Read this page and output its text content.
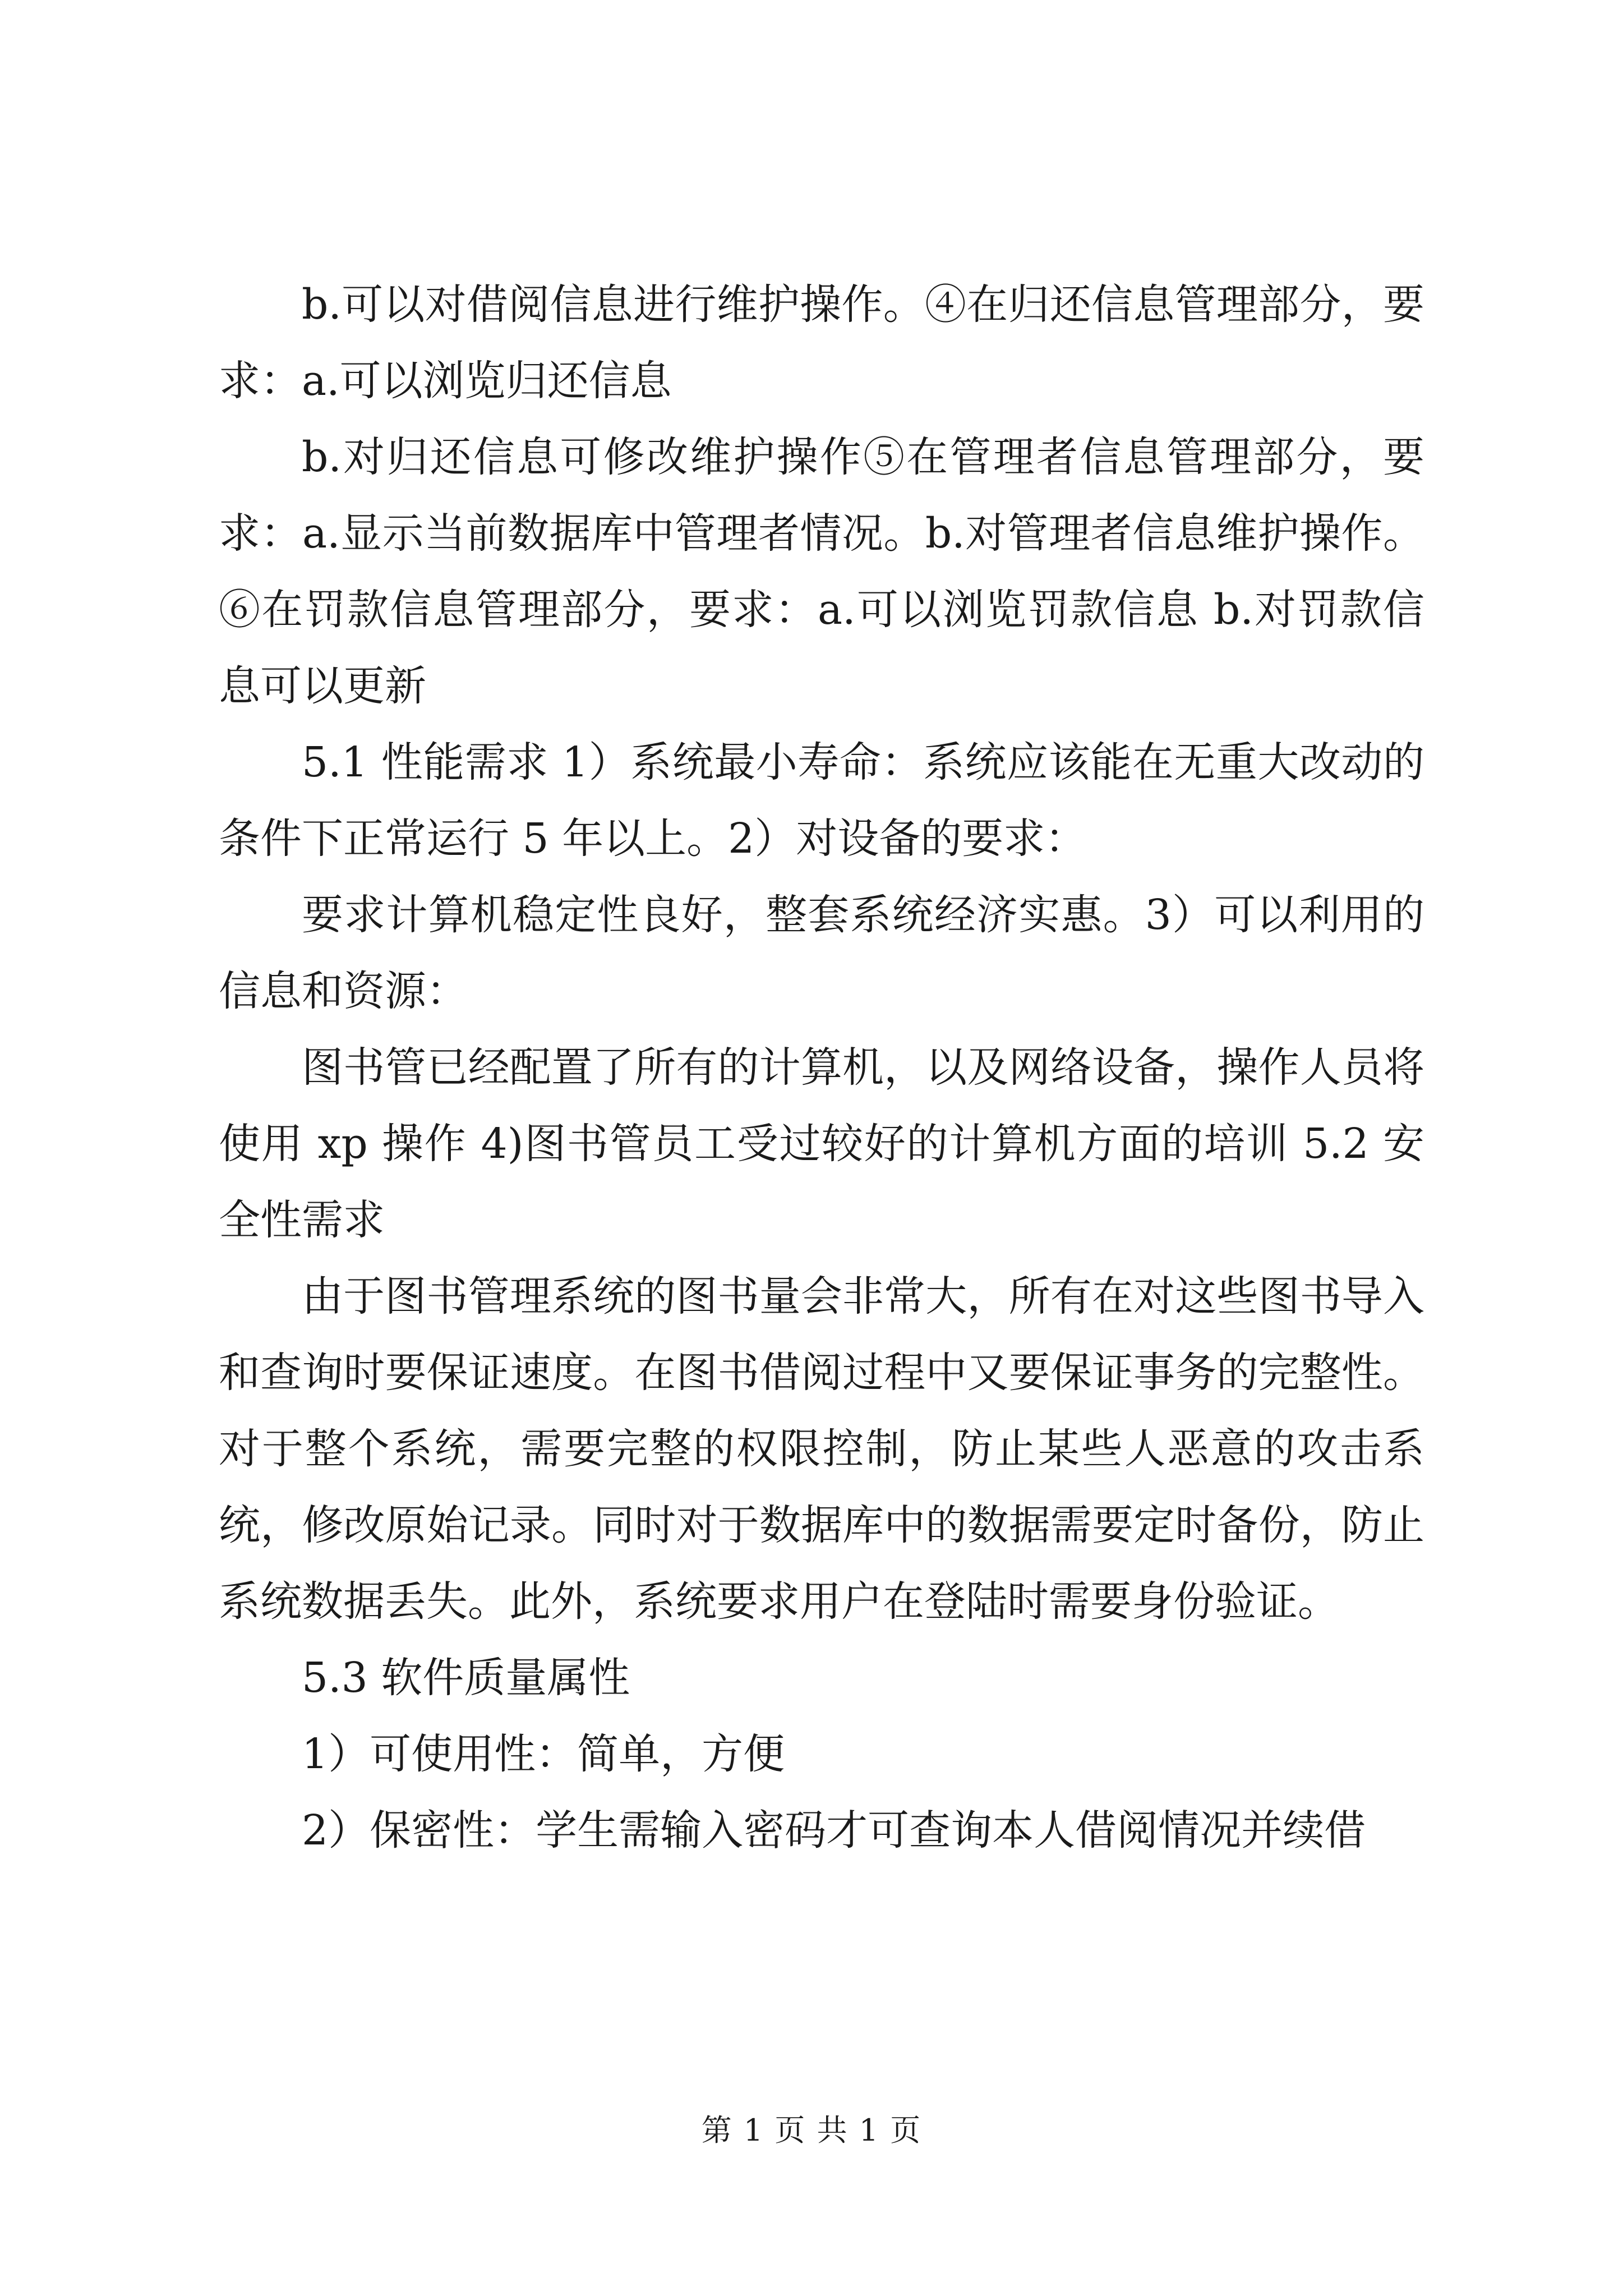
b.可以对借阅信息进行维护操作。④在归还信息管理部分，要求：a.可以浏览归还信息

b.对归还信息可修改维护操作⑤在管理者信息管理部分，要求：a.显示当前数据库中管理者情况。b.对管理者信息维护操作。⑥在罚款信息管理部分，要求：a.可以浏览罚款信息 b.对罚款信息可以更新

5.1 性能需求 1）系统最小寿命：系统应该能在无重大改动的条件下正常运行 5 年以上。2）对设备的要求：

要求计算机稳定性良好，整套系统经济实惠。3）可以利用的信息和资源：

图书管已经配置了所有的计算机，以及网络设备，操作人员将使用 xp 操作 4)图书管员工受过较好的计算机方面的培训 5.2 安全性需求

由于图书管理系统的图书量会非常大，所有在对这些图书导入和查询时要保证速度。在图书借阅过程中又要保证事务的完整性。对于整个系统，需要完整的权限控制，防止某些人恶意的攻击系统，修改原始记录。同时对于数据库中的数据需要定时备份，防止系统数据丢失。此外，系统要求用户在登陆时需要身份验证。

5.3 软件质量属性

1）可使用性：简单，方便

2）保密性：学生需输入密码才可查询本人借阅情况并续借

第 1 页 共 1 页
